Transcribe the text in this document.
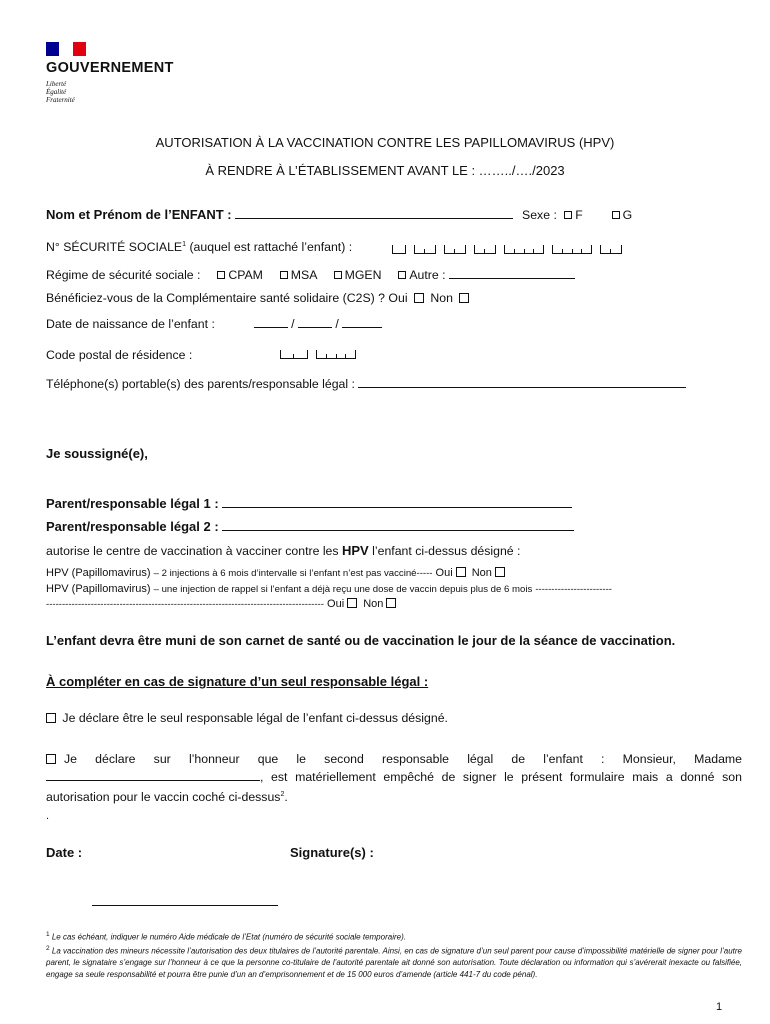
GOUVERNEMENT
Liberté
Égalité
Fraternité
AUTORISATION À LA VACCINATION CONTRE LES PAPILLOMAVIRUS (HPV)
À RENDRE À L’ÉTABLISSEMENT AVANT LE : ……../…./2023
Nom et Prénom de l’ENFANT :	Sexe : F	G
N° SÉCURITÉ SOCIALE$^1$ (auquel est rattaché l’enfant) :
Régime de sécurité sociale : CPAM MSA MGEN Autre :
Bénéficiez-vous de la Complémentaire santé solidaire (C2S) ? Oui Non
Date de naissance de l’enfant :	/	/
Code postal de résidence :
Téléphone(s) portable(s) des parents/responsable légal :
Je soussigné(e),
Parent/responsable légal 1 :
Parent/responsable légal 2 :
autorise le centre de vaccination à vacciner contre les HPV l’enfant ci-dessus désigné :
HPV (Papillomavirus) – 2 injections à 6 mois d’intervalle si l’enfant n’est pas vacciné----- Oui Non
HPV (Papillomavirus) – une injection de rappel si l’enfant a déjà reçu une dose de vaccin depuis plus de 6 mois ------------------------
--------------------------------------------------------------------------------------- Oui Non
L’enfant devra être muni de son carnet de santé ou de vaccination le jour de la séance de vaccination.
À compléter en cas de signature d’un seul responsable légal :
Je déclare être le seul responsable légal de l’enfant ci-dessus désigné.
Je déclare sur l’honneur que le second responsable légal de l’enfant : Monsieur, Madame , est matériellement empêché de signer le présent formulaire mais a donné son autorisation pour le vaccin coché ci-dessus$^2$.
.
Date :	Signature(s) :
$^1$ Le cas échéant, indiquer le numéro Aide médicale de l’Etat (numéro de sécurité sociale temporaire).
$^2$ La vaccination des mineurs nécessite l’autorisation des deux titulaires de l’autorité parentale. Ainsi, en cas de signature d’un seul parent pour cause d’impossibilité matérielle de signer pour l’autre parent, le signataire s’engage sur l’honneur à ce que la personne co-titulaire de l’autorité parentale ait donné son autorisation. Toute déclaration ou information qui s’avérerait inexacte ou falsifiée, engage sa seule responsabilité et pourra être punie d’un an d’emprisonnement et de 15 000 euros d’amende (article 441-7 du code pénal).
1
